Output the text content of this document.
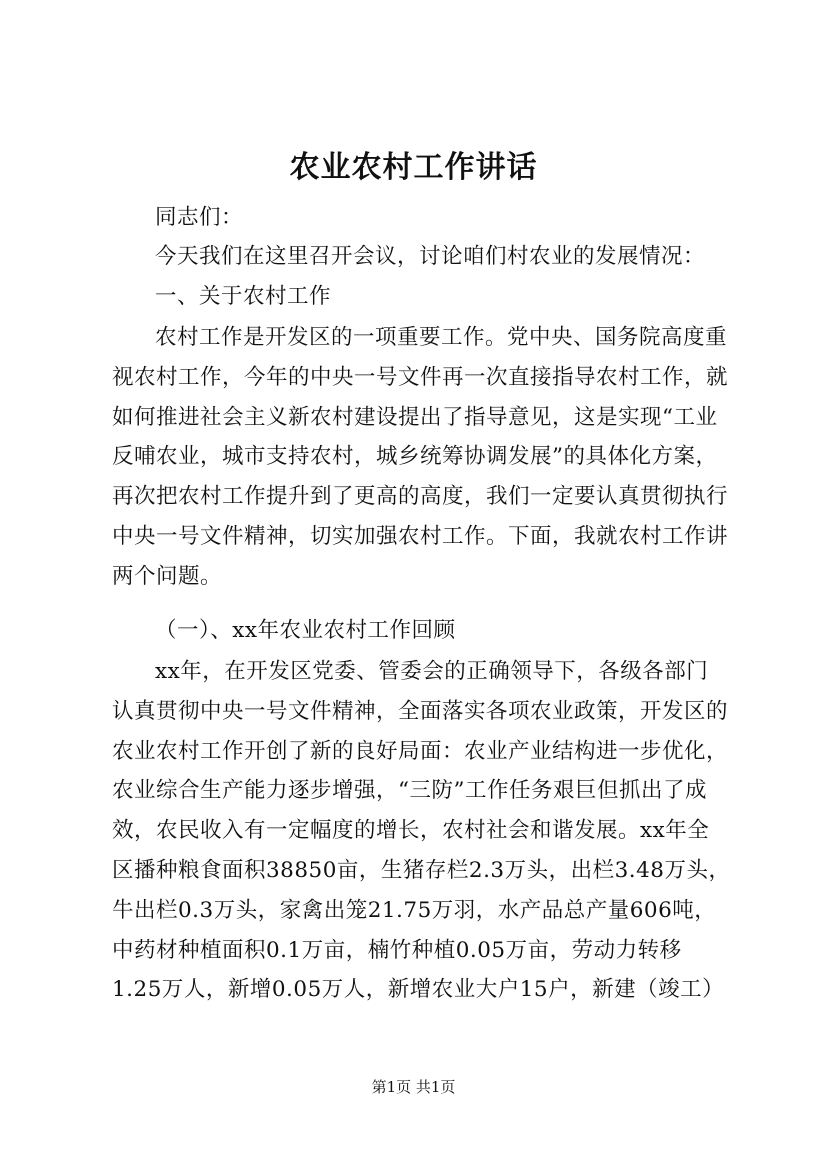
农业农村工作讲话

同志们：

今天我们在这里召开会议，讨论咱们村农业的发展情况：

一、关于农村工作

农村工作是开发区的一项重要工作。党中央、国务院高度重
视农村工作，今年的中央一号文件再一次直接指导农村工作，就
如何推进社会主义新农村建设提出了指导意见，这是实现“工业
反哺农业，城市支持农村，城乡统筹协调发展”的具体化方案，
再次把农村工作提升到了更高的高度，我们一定要认真贯彻执行
中央一号文件精神，切实加强农村工作。下面，我就农村工作讲
两个问题。

（一）、xx年农业农村工作回顾

xx年，在开发区党委、管委会的正确领导下，各级各部门
认真贯彻中央一号文件精神，全面落实各项农业政策，开发区的
农业农村工作开创了新的良好局面：农业产业结构进一步优化，
农业综合生产能力逐步增强，“三防”工作任务艰巨但抓出了成
效，农民收入有一定幅度的增长，农村社会和谐发展。xx年全
区播种粮食面积38850亩，生猪存栏2.3万头，出栏3.48万头，
牛出栏0.3万头，家禽出笼21.75万羽，水产品总产量606吨，
中药材种植面积0.1万亩，楠竹种植0.05万亩，劳动力转移
1.25万人，新增0.05万人，新增农业大户15户，新建（竣工）

第1页 共1页
